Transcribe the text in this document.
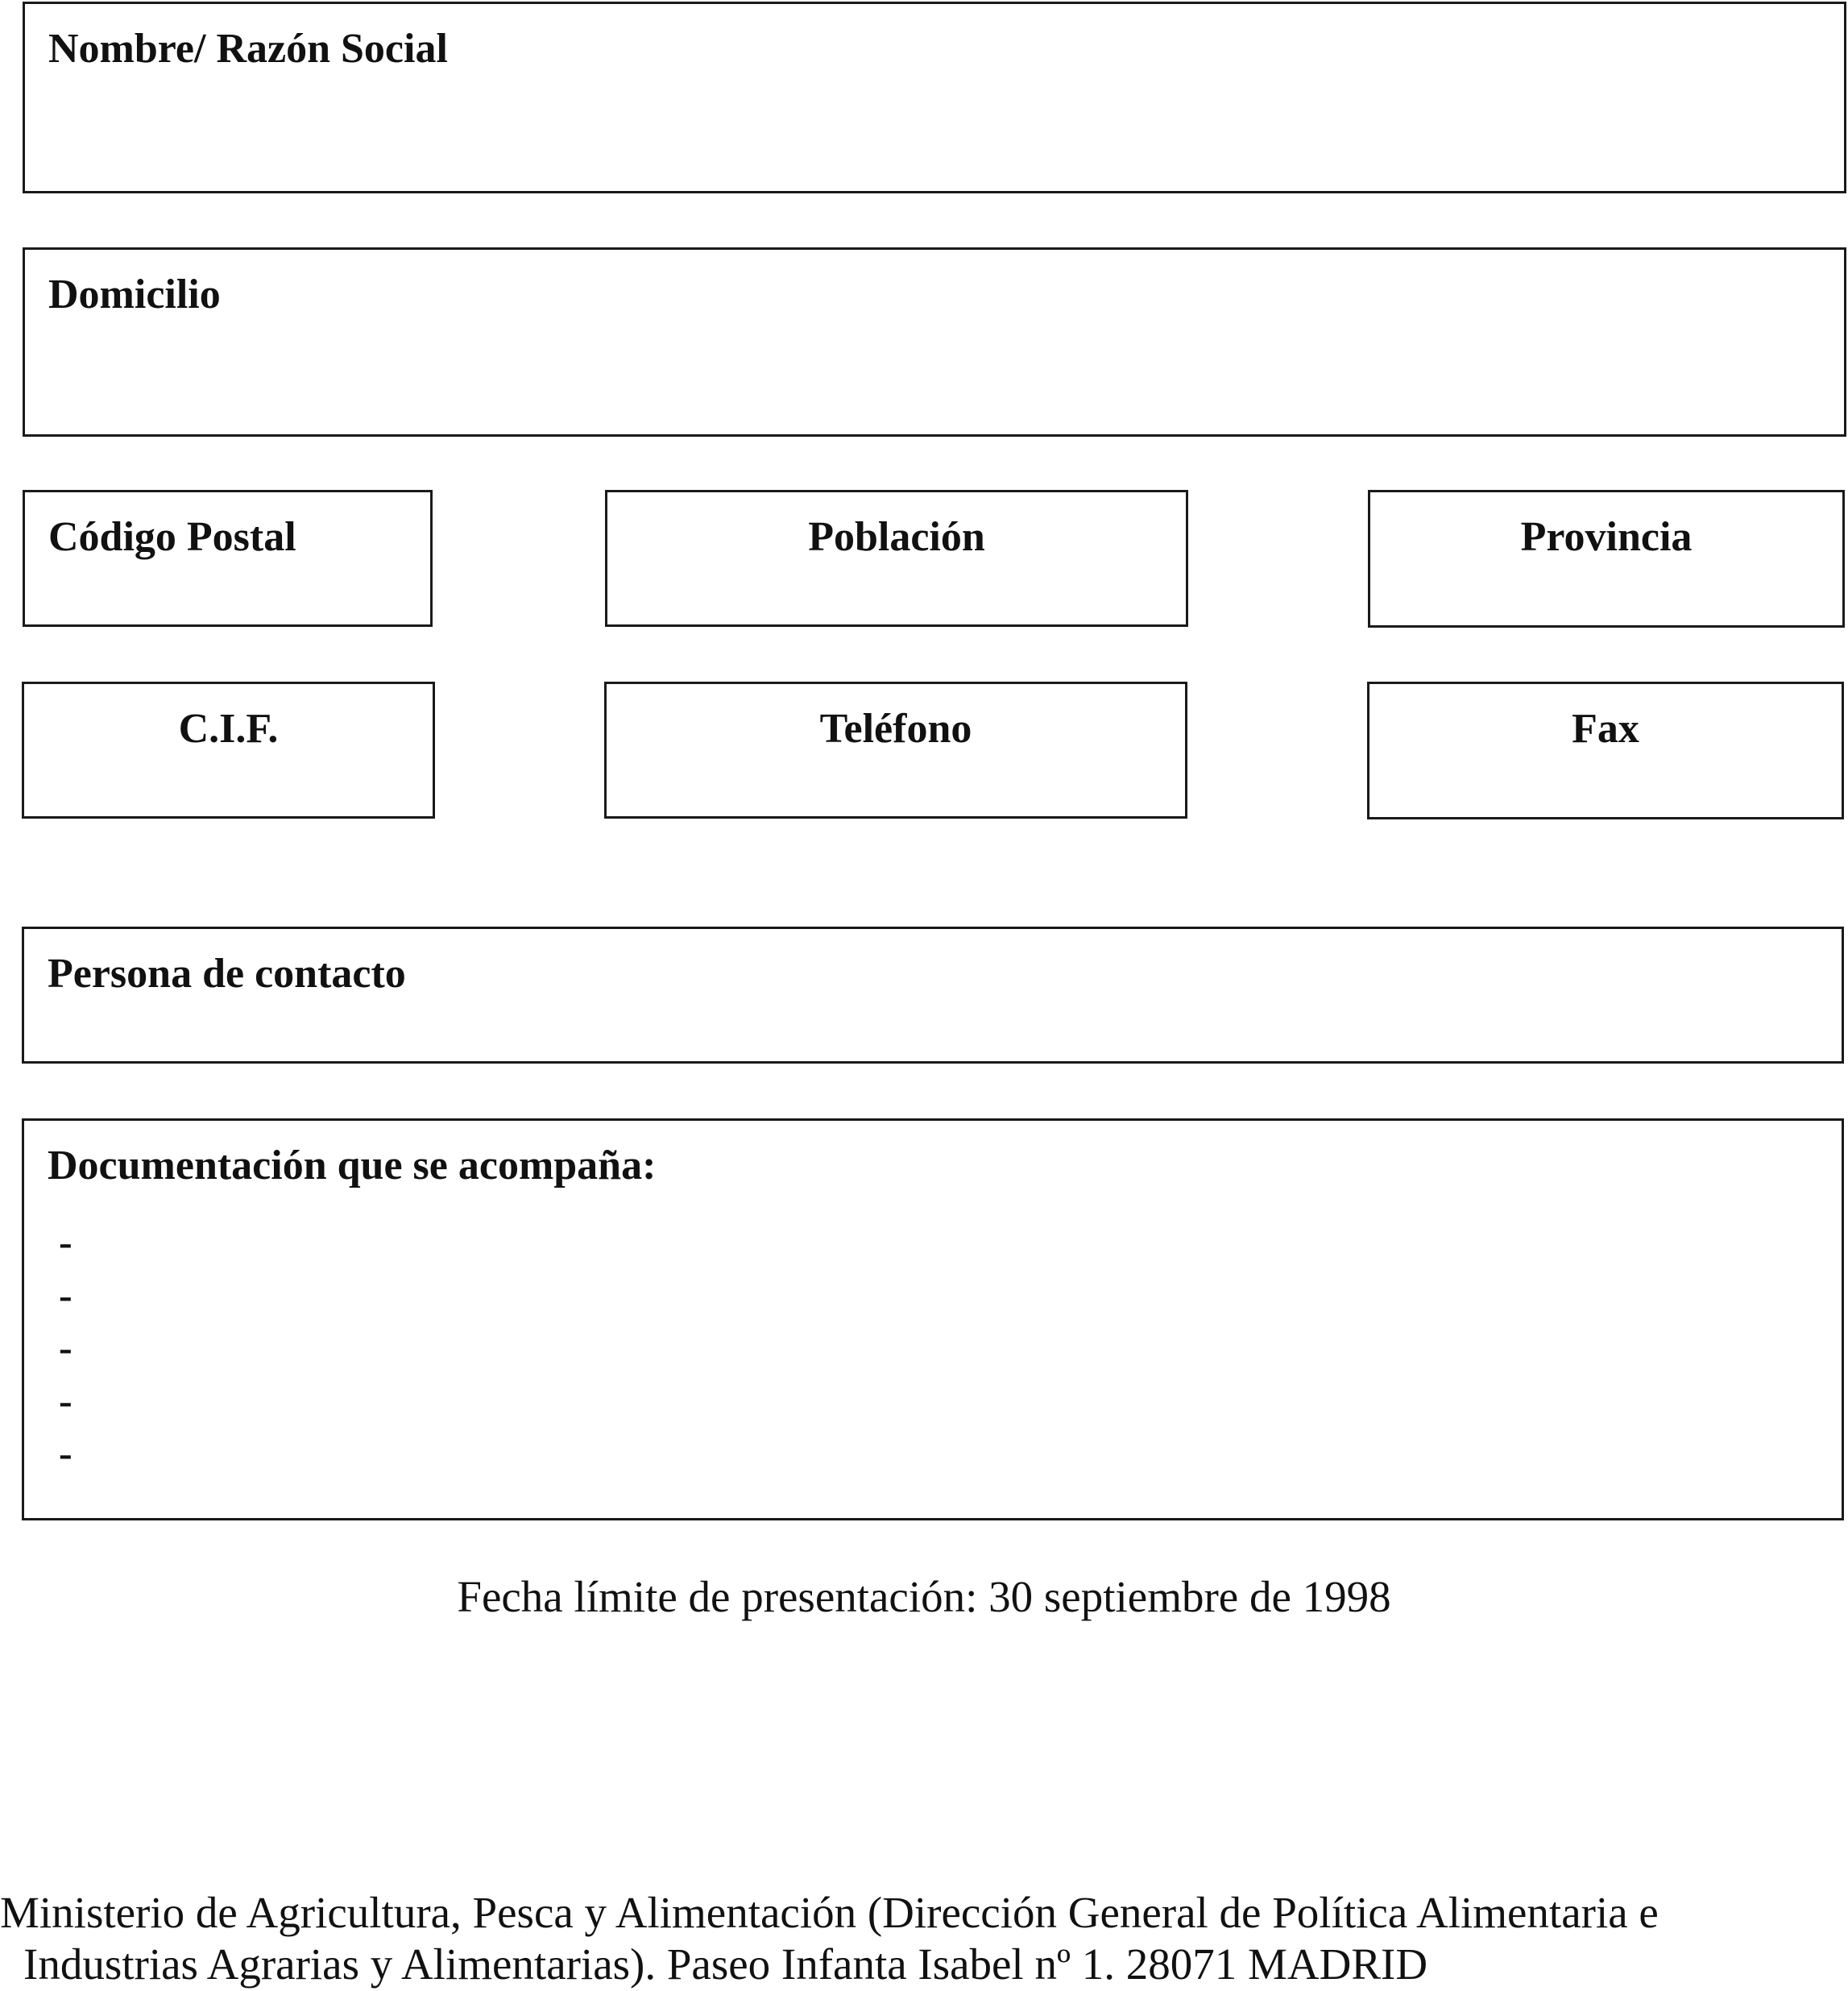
Nombre/ Razón Social
Domicilio
Código Postal	Población	Provincia
C.I.F.	Teléfono	Fax
Persona de contacto
Documentación que se acompaña:
-
-
-
-
-
Fecha límite de presentación: 30 septiembre de 1998
Ministerio de Agricultura, Pesca y Alimentación (Dirección General de Política Alimentaria e
Industrias Agrarias y Alimentarias). Paseo Infanta Isabel nº 1. 28071 MADRID
